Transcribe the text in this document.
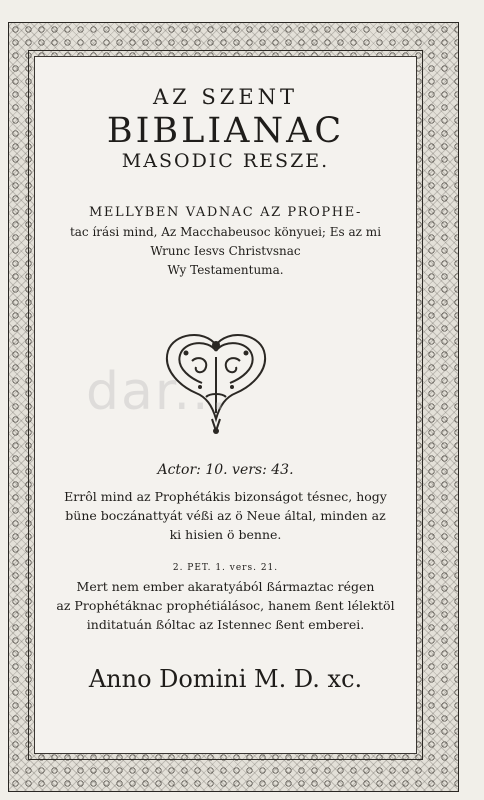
AZ SZENT
BIBLIANAC
MASODIC RESZE.
MELLYBEN VADNAC AZ PROPHE-
tac írási mind, Az Macchabeusoc könyuei; Es az mi
Wrunc Iesvs Christvsnac
Wy Testamentuma.
Actor: 10. vers: 43.
Errôl mind az Prophétákis bizonságot tésnec, hogy
büne boczánattyát véßi az ö Neue által, minden az
ki hisien ö benne.
2. PET. 1. vers. 21.
Mert nem ember akaratyából ßármaztac régen
az Prophétáknac prophétiálásoc, hanem ßent lélektöl
inditatuán ßóltac az Istennec ßent emberei.
Anno Domini M. D. xc.
dar...
